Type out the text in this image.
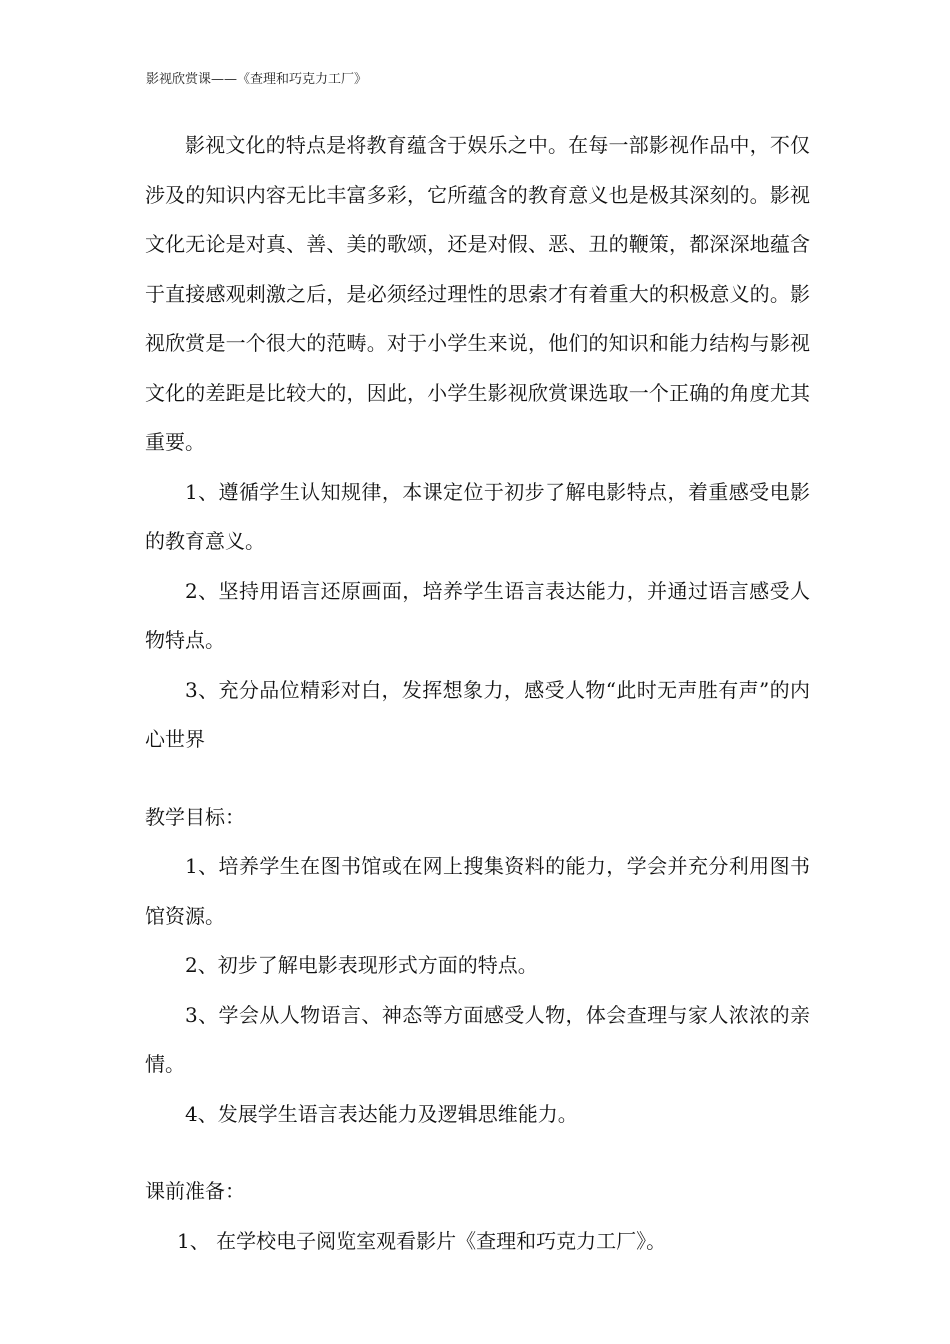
影视欣赏课——《查理和巧克力工厂》

影视文化的特点是将教育蕴含于娱乐之中。在每一部影视作品中，不仅涉及的知识内容无比丰富多彩，它所蕴含的教育意义也是极其深刻的。影视文化无论是对真、善、美的歌颂，还是对假、恶、丑的鞭策，都深深地蕴含于直接感观刺激之后，是必须经过理性的思索才有着重大的积极意义的。影视欣赏是一个很大的范畴。对于小学生来说，他们的知识和能力结构与影视文化的差距是比较大的，因此，小学生影视欣赏课选取一个正确的角度尤其重要。

1、遵循学生认知规律，本课定位于初步了解电影特点，着重感受电影的教育意义。

2、坚持用语言还原画面，培养学生语言表达能力，并通过语言感受人物特点。

3、充分品位精彩对白，发挥想象力，感受人物“此时无声胜有声”的内心世界

教学目标：

1、培养学生在图书馆或在网上搜集资料的能力，学会并充分利用图书馆资源。

2、初步了解电影表现形式方面的特点。

3、学会从人物语言、神态等方面感受人物，体会查理与家人浓浓的亲情。

4、发展学生语言表达能力及逻辑思维能力。

课前准备：

1、 在学校电子阅览室观看影片《查理和巧克力工厂》。
